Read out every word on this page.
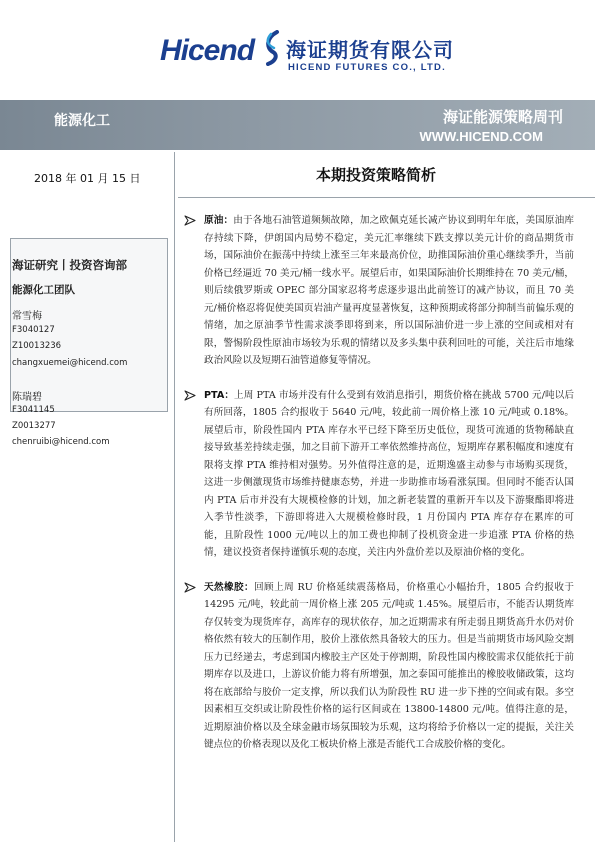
Hicend 海证期货有限公司
HICEND FUTURES CO., LTD.
能源化工	海证能源策略周刊
WWW.HICEND.COM
2018 年 01 月 15 日	本期投资策略简析
海证研究丨投资咨询部
能源化工团队
常雪梅
F3040127
Z10013236
changxuemei@hicend.com
陈瑞碧
F3041145
Z0013277
chenruibi@hicend.com
原油：由于各地石油管道频频故障，加之欧佩克延长减产协议到明年年底，美国原油库存持续下降，伊朗国内局势不稳定，美元汇率继续下跌支撑以美元计价的商品期货市场，国际油价在振荡中持续上涨至三年来最高价位，助推国际油价重心继续季升，当前价格已经逼近 70 美元/桶一线水平。展望后市，如果国际油价长期维持在 70 美元/桶，则后续俄罗斯或 OPEC 部分国家忍将考虑逐步退出此前签订的减产协议，而且 70 美元/桶价格忍将促使美国页岩油产量再度显著恢复，这种预期或将部分抑制当前偏乐观的情绪，加之原油季节性需求淡季即将到来，所以国际油价进一步上涨的空间或相对有限，警惕阶段性原油市场较为乐观的情绪以及多头集中获利回吐的可能，关注后市地缘政治风险以及短期石油管道修复等情况。
PTA：上周 PTA 市场并没有什么受到有效消息指引，期货价格在挑战 5700 元/吨以后有所回落，1805 合约报收于 5640 元/吨，较此前一周价格上涨 10 元/吨或 0.18%。展望后市，阶段性国内 PTA 库存水平已经下降至历史低位，现货可流通的货物稀缺直接导致基差持续走强，加之目前下游开工率依然维持高位，短期库存累积幅度和速度有限将支撑 PTA 维持相对强势。另外值得注意的是，近期逸盛主动参与市场购买现货，这进一步侧激现货市场维持健康态势，并进一步助推市场看涨氛围。但同时不能否认国内 PTA 后市并没有大规模检修的计划，加之新老装置的重新开车以及下游聚酯即将进入季节性淡季，下游即将进入大规模检修时段，1 月份国内 PTA 库存存在累库的可能，且阶段性 1000 元/吨以上的加工费也抑制了投机资金进一步追涨 PTA 价格的热情，建议投资者保持谨慎乐观的态度，关注内外盘价差以及原油价格的变化。
天然橡胶：回顾上周 RU 价格延续震荡格局，价格重心小幅抬升，1805 合约报收于 14295 元/吨，较此前一周价格上涨 205 元/吨或 1.45%。展望后市，不能否认期货库存仅转变为现货库存，高库存的现状依存，加之近期需求有所走弱且期货高升水仍对价格依然有较大的压制作用，胶价上涨依然具备较大的压力。但是当前期货市场风险交割压力已经递去，考虑到国内橡胶主产区处于停割期，阶段性国内橡胶需求仅能依托于前期库存以及进口，上游议价能力将有所增强，加之泰国可能推出的橡胶收储政策，这均将在底部给与胶价一定支撑，所以我们认为阶段性 RU 进一步下挫的空间或有限。多空因素相互交织或让阶段性价格的运行区间或在 13800-14800 元/吨。值得注意的是，近期原油价格以及全球金融市场氛围较为乐观，这均将给予价格以一定的提振，关注关键点位的价格表现以及化工板块价格上涨是否能代工合成胶价格的变化。
